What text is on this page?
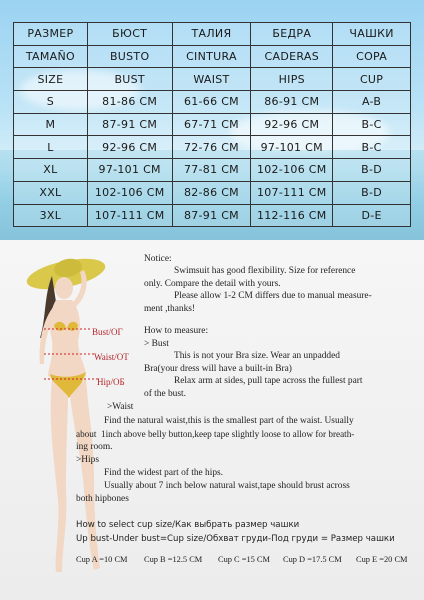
РАЗМЕР	БЮСТ	ТАЛИЯ	БЕДРА	ЧАШКИ
TAMAÑO	BUSTO	CINTURA	CADERAS	COPA
SIZE	BUST	WAIST	HIPS	CUP
S	81-86 CM	61-66 CM	86-91 CM	A-B
M	87-91 CM	67-71 CM	92-96 CM	B-C
L	92-96 CM	72-76 CM	97-101 CM	B-C
XL	97-101 CM	77-81 CM	102-106 CM	B-D
XXL	102-106 CM	82-86 CM	107-111 CM	B-D
3XL	107-111 CM	87-91 CM	112-116 CM	D-E
Bust/ОГ
Waist/ОТ
Hip/ОБ
Notice:
Swimsuit has good flexibility. Size for reference
only. Compare the detail with yours.
Please allow 1-2 CM differs due to manual measure-
ment ,thanks!
How to measure:
> Bust
This is not your Bra size. Wear an unpadded
Bra(your dress will have a built-in Bra)
Relax arm at sides, pull tape across the fullest part
of the bust.
>Waist
Find the natural waist,this is the smallest part of the waist. Usually
about  1inch above belly button,keep tape slightly loose to allow for breath-
ing room.
>Hips
Find the widest part of the hips.
Usually about 7 inch below natural waist,tape should brust across
both hipbones
How to select cup size/Как выбрать размер чашки
Up bust-Under bust=Cup size/Обхват груди-Под груди = Размер чашки
Cup A =10 CM Cup B =12.5 CM Cup C =15 CM Cup D =17.5 CM Cup E =20 CM
